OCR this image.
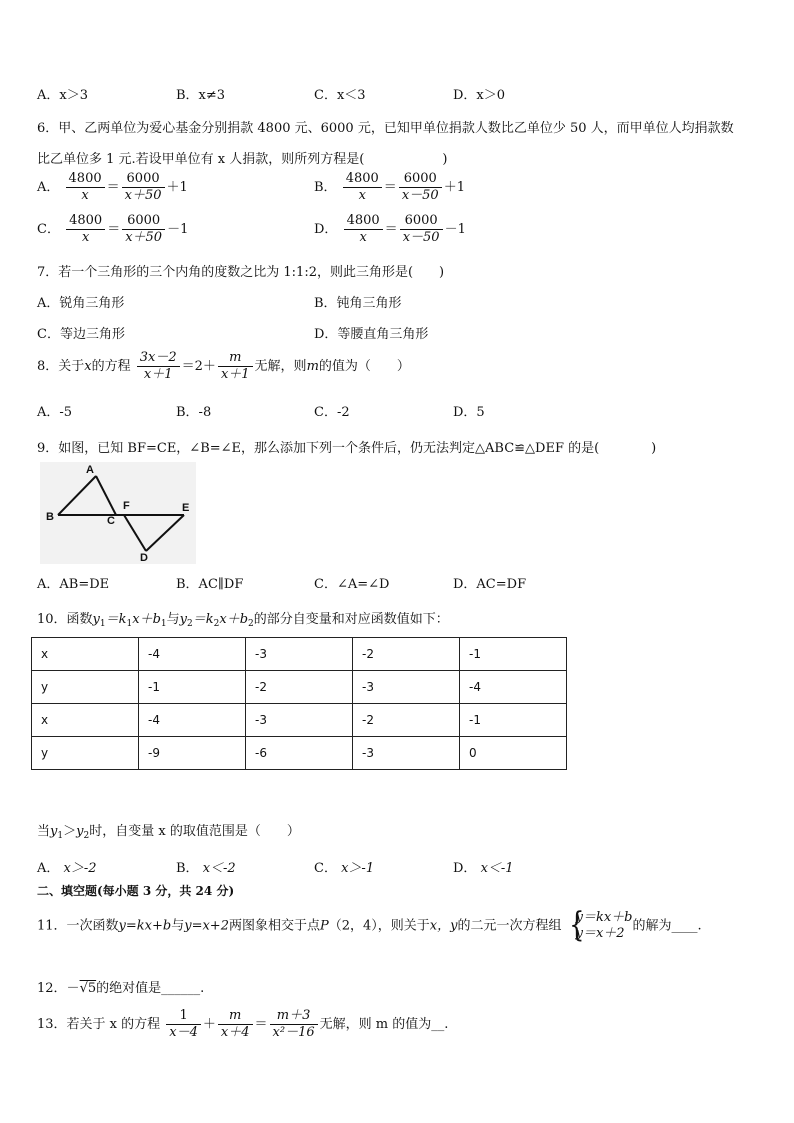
A．x＞3	B．x≠3	C．x＜3	D．x＞0
6．甲、乙两单位为爱心基金分别捐款 4800 元、6000 元，已知甲单位捐款人数比乙单位少 50 人，而甲单位人均捐款数
比乙单位多 1 元.若设甲单位有 x 人捐款，则所列方程是(　　　　　　)
A． $\frac{4800}{x} = \frac{6000}{x+50} +1$	B． $\frac{4800}{x} = \frac{6000}{x-50} +1$
C． $\frac{4800}{x} = \frac{6000}{x+50} -1$	D． $\frac{4800}{x} = \frac{6000}{x-50} -1$
7．若一个三角形的三个内角的度数之比为 1:1:2，则此三角形是(　　)
A．锐角三角形	B．钝角三角形
C．等边三角形	D．等腰直角三角形
8．关于x的方程 $\frac{3x-2}{x+1} =2+ \frac{m}{x+1}$ 无解，则m的值为（　　）
A．-5	B．-8	C．-2	D．5
9．如图，已知 BF=CE，∠B=∠E，那么添加下列一个条件后，仍无法判定△ABC≌△DEF 的是(　　　　)
A
B	C
F	E
D
A．AB=DE	B．AC∥DF	C．∠A=∠D	D．AC=DF
10．函数$y_1=k_1x+b_1$与$y_2=k_2x+b_2$的部分自变量和对应函数值如下：
x	-4	-3	-2	-1
y	-1	-2	-3	-4
x	-4	-3	-2	-1
y	-9	-6	-3	0
当$y_1>y_2$时，自变量 x 的取值范围是（　　）
A． x＞-2	B． x＜-2	C． x＞-1	D． x＜-1
二、填空题(每小题 3 分，共 24 分)
11．一次函数y=kx+b与y=x+2两图象相交于点P（2，4），则关于x，y的二元一次方程组 {
y＝kx＋b
y＝x＋2 的解为____.
12．－√5的绝对值是______.
13．若关于 x 的方程 $\frac{1}{x-4} + \frac{m}{x+4} = \frac{m+3}{\text{x²－16}}$ 无解，则 m 的值为__.
